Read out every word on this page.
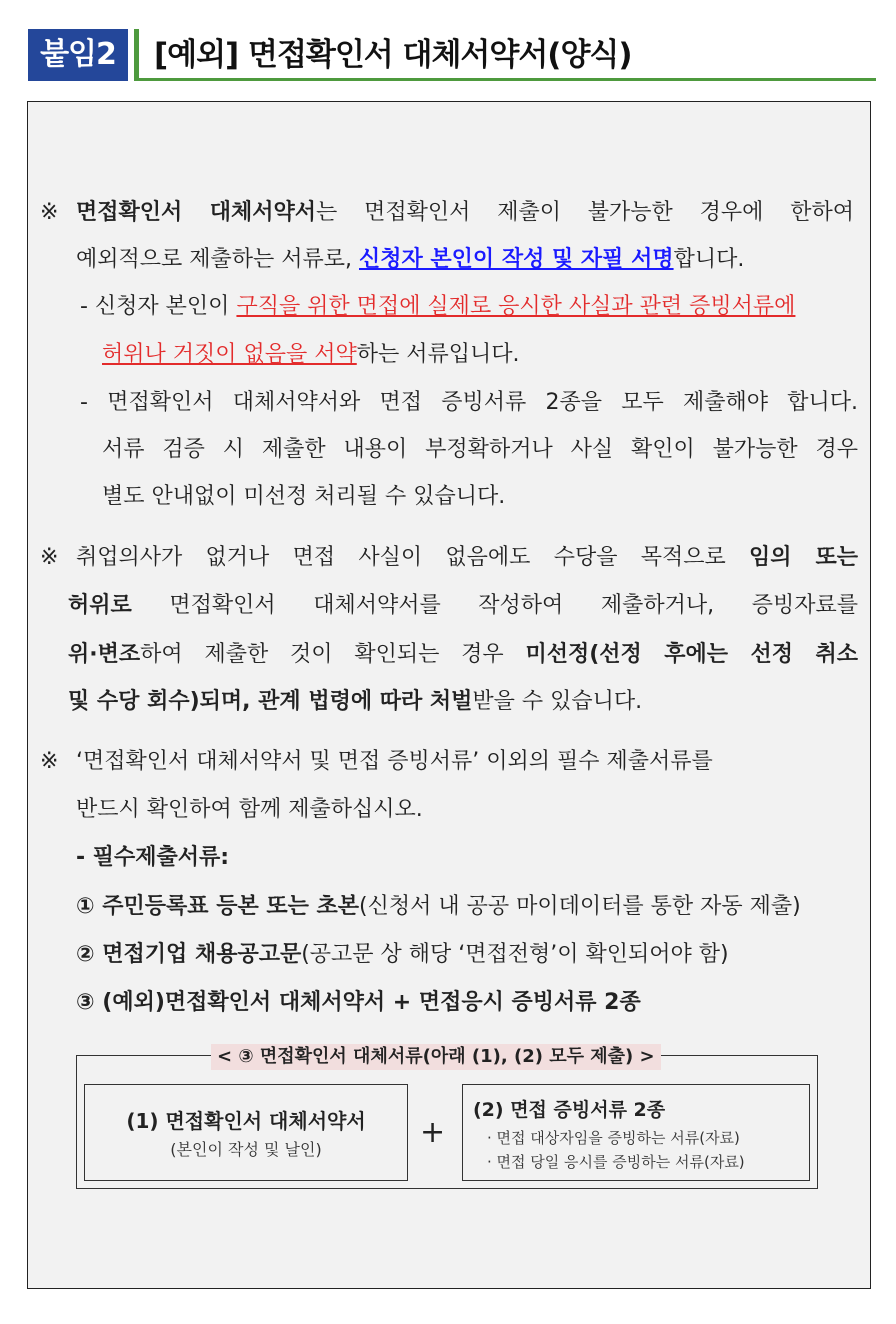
붙임2	[예외] 면접확인서 대체서약서(양식)
※ 면접확인서 대체서약서는 면접확인서 제출이 불가능한 경우에 한하여
예외적으로 제출하는 서류로, 신청자 본인이 작성 및 자필 서명합니다.
- 신청자 본인이 구직을 위한 면접에 실제로 응시한 사실과 관련 증빙서류에
허위나 거짓이 없음을 서약하는 서류입니다.
- 면접확인서 대체서약서와 면접 증빙서류 2종을 모두 제출해야 합니다.
서류 검증 시 제출한 내용이 부정확하거나 사실 확인이 불가능한 경우
별도 안내없이 미선정 처리될 수 있습니다.
※ 취업의사가 없거나 면접 사실이 없음에도 수당을 목적으로 임의 또는
허위로 면접확인서 대체서약서를 작성하여 제출하거나, 증빙자료를
위·변조하여 제출한 것이 확인되는 경우 미선정(선정 후에는 선정 취소
및 수당 회수)되며, 관계 법령에 따라 처벌받을 수 있습니다.
※ ‘면접확인서 대체서약서 및 면접 증빙서류’ 이외의 필수 제출서류를
반드시 확인하여 함께 제출하십시오.
- 필수제출서류:
① 주민등록표 등본 또는 초본(신청서 내 공공 마이데이터를 통한 자동 제출)
② 면접기업 채용공고문(공고문 상 해당 ‘면접전형’이 확인되어야 함)
③ (예외)면접확인서 대체서약서 + 면접응시 증빙서류 2종
< ③ 면접확인서 대체서류(아래 (1), (2) 모두 제출) >
(1) 면접확인서 대체서약서
(본인이 작성 및 날인)	+
(2) 면접 증빙서류 2종
· 면접 대상자임을 증빙하는 서류(자료)
· 면접 당일 응시를 증빙하는 서류(자료)
